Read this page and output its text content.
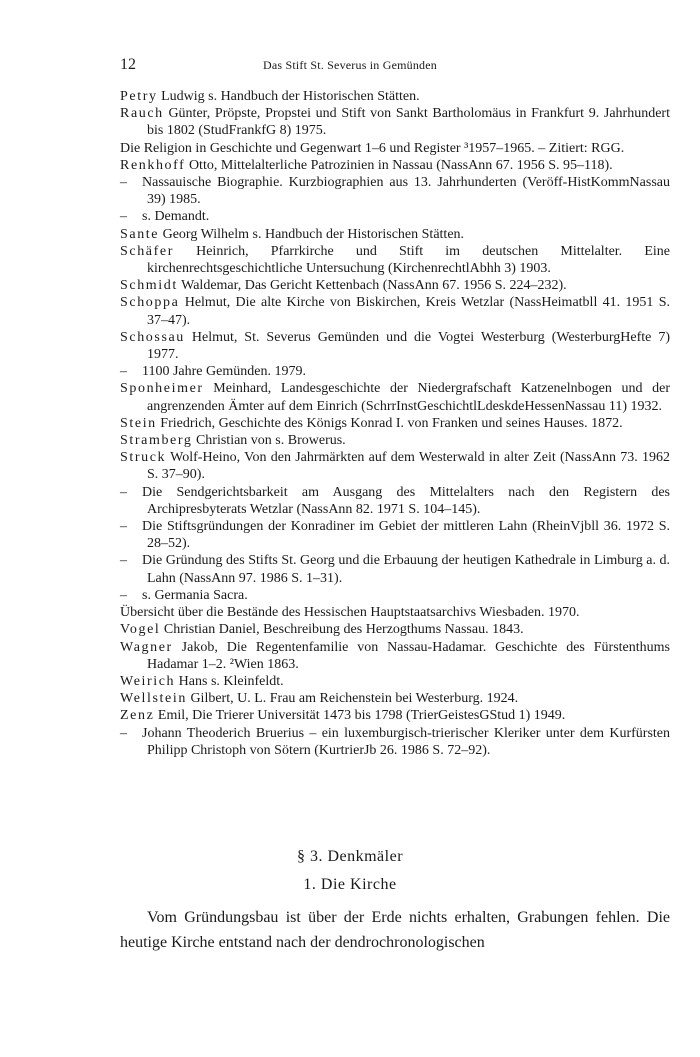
12	Das Stift St. Severus in Gemünden

Petry Ludwig s. Handbuch der Historischen Stätten.

Rauch Günter, Pröpste, Propstei und Stift von Sankt Bartholomäus in Frankfurt 9. Jahrhundert bis 1802 (StudFrankfG 8) 1975.

Die Religion in Geschichte und Gegenwart 1–6 und Register ³1957–1965. – Zitiert: RGG.

Renkhoff Otto, Mittelalterliche Patrozinien in Nassau (NassAnn 67. 1956 S. 95–118).

– Nassauische Biographie. Kurzbiographien aus 13. Jahrhunderten (Veröff-HistKommNassau 39) 1985.

– s. Demandt.

Sante Georg Wilhelm s. Handbuch der Historischen Stätten.

Schäfer Heinrich, Pfarrkirche und Stift im deutschen Mittelalter. Eine kirchenrechtsgeschichtliche Untersuchung (KirchenrechtlAbhh 3) 1903.

Schmidt Waldemar, Das Gericht Kettenbach (NassAnn 67. 1956 S. 224–232).

Schoppa Helmut, Die alte Kirche von Biskirchen, Kreis Wetzlar (NassHeimatbll 41. 1951 S. 37–47).

Schossau Helmut, St. Severus Gemünden und die Vogtei Westerburg (WesterburgHefte 7) 1977.

– 1100 Jahre Gemünden. 1979.

Sponheimer Meinhard, Landesgeschichte der Niedergrafschaft Katzenelnbogen und der angrenzenden Ämter auf dem Einrich (SchrrInstGeschichtlLdeskdeHessenNassau 11) 1932.

Stein Friedrich, Geschichte des Königs Konrad I. von Franken und seines Hauses. 1872.

Stramberg Christian von s. Browerus.

Struck Wolf-Heino, Von den Jahrmärkten auf dem Westerwald in alter Zeit (NassAnn 73. 1962 S. 37–90).

– Die Sendgerichtsbarkeit am Ausgang des Mittelalters nach den Registern des Archipresbyterats Wetzlar (NassAnn 82. 1971 S. 104–145).

– Die Stiftsgründungen der Konradiner im Gebiet der mittleren Lahn (RheinVjbll 36. 1972 S. 28–52).

– Die Gründung des Stifts St. Georg und die Erbauung der heutigen Kathedrale in Limburg a. d. Lahn (NassAnn 97. 1986 S. 1–31).

– s. Germania Sacra.

Übersicht über die Bestände des Hessischen Hauptstaatsarchivs Wiesbaden. 1970.

Vogel Christian Daniel, Beschreibung des Herzogthums Nassau. 1843.

Wagner Jakob, Die Regentenfamilie von Nassau-Hadamar. Geschichte des Fürstenthums Hadamar 1–2. ²Wien 1863.

Weirich Hans s. Kleinfeldt.

Wellstein Gilbert, U. L. Frau am Reichenstein bei Westerburg. 1924.

Zenz Emil, Die Trierer Universität 1473 bis 1798 (TrierGeistesGStud 1) 1949.

– Johann Theoderich Bruerius – ein luxemburgisch-trierischer Kleriker unter dem Kurfürsten Philipp Christoph von Sötern (KurtrierJb 26. 1986 S. 72–92).

§ 3. Denkmäler
1. Die Kirche

Vom Gründungsbau ist über der Erde nichts erhalten, Grabungen fehlen. Die heutige Kirche entstand nach der dendrochronologischen
